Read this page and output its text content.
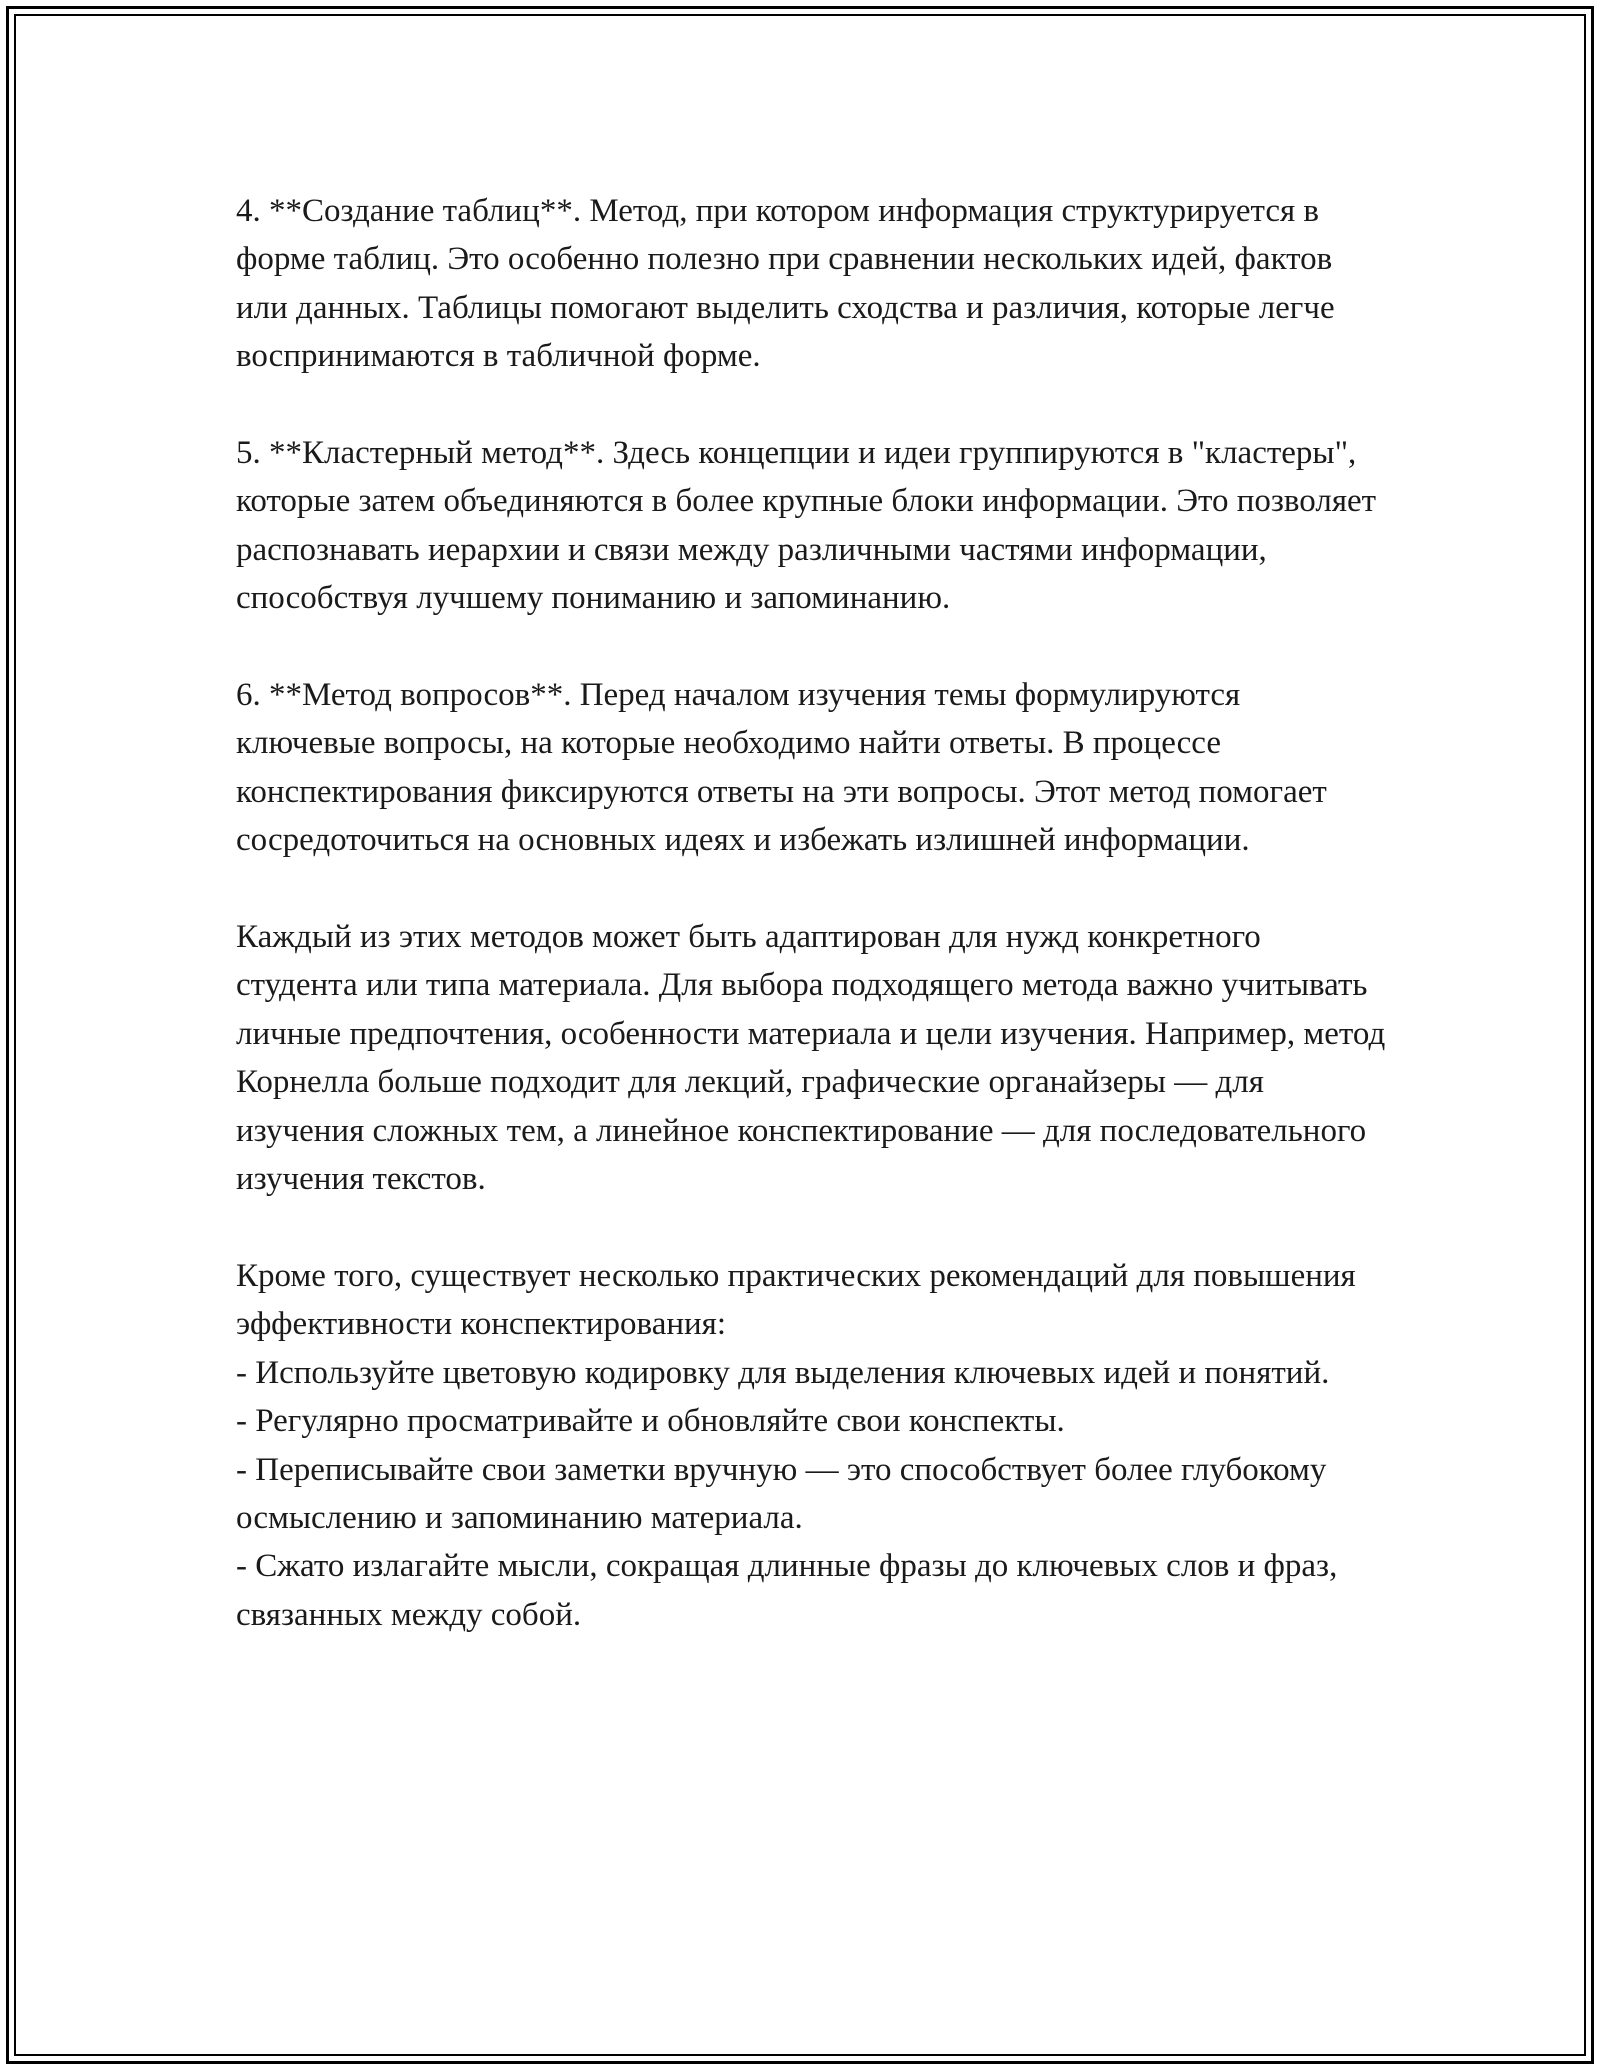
4. **Создание таблиц**. Метод, при котором информация структурируется в форме таблиц. Это особенно полезно при сравнении нескольких идей, фактов или данных. Таблицы помогают выделить сходства и различия, которые легче воспринимаются в табличной форме.

5. **Кластерный метод**. Здесь концепции и идеи группируются в "кластеры", которые затем объединяются в более крупные блоки информации. Это позволяет распознавать иерархии и связи между различными частями информации, способствуя лучшему пониманию и запоминанию.

6. **Метод вопросов**. Перед началом изучения темы формулируются ключевые вопросы, на которые необходимо найти ответы. В процессе конспектирования фиксируются ответы на эти вопросы. Этот метод помогает сосредоточиться на основных идеях и избежать излишней информации.

Каждый из этих методов может быть адаптирован для нужд конкретного студента или типа материала. Для выбора подходящего метода важно учитывать личные предпочтения, особенности материала и цели изучения. Например, метод Корнелла больше подходит для лекций, графические органайзеры — для изучения сложных тем, а линейное конспектирование — для последовательного изучения текстов.

Кроме того, существует несколько практических рекомендаций для повышения эффективности конспектирования:

- Используйте цветовую кодировку для выделения ключевых идей и понятий.
- Регулярно просматривайте и обновляйте свои конспекты.
- Переписывайте свои заметки вручную — это способствует более глубокому осмыслению и запоминанию материала.
- Сжато излагайте мысли, сокращая длинные фразы до ключевых слов и фраз, связанных между собой.
